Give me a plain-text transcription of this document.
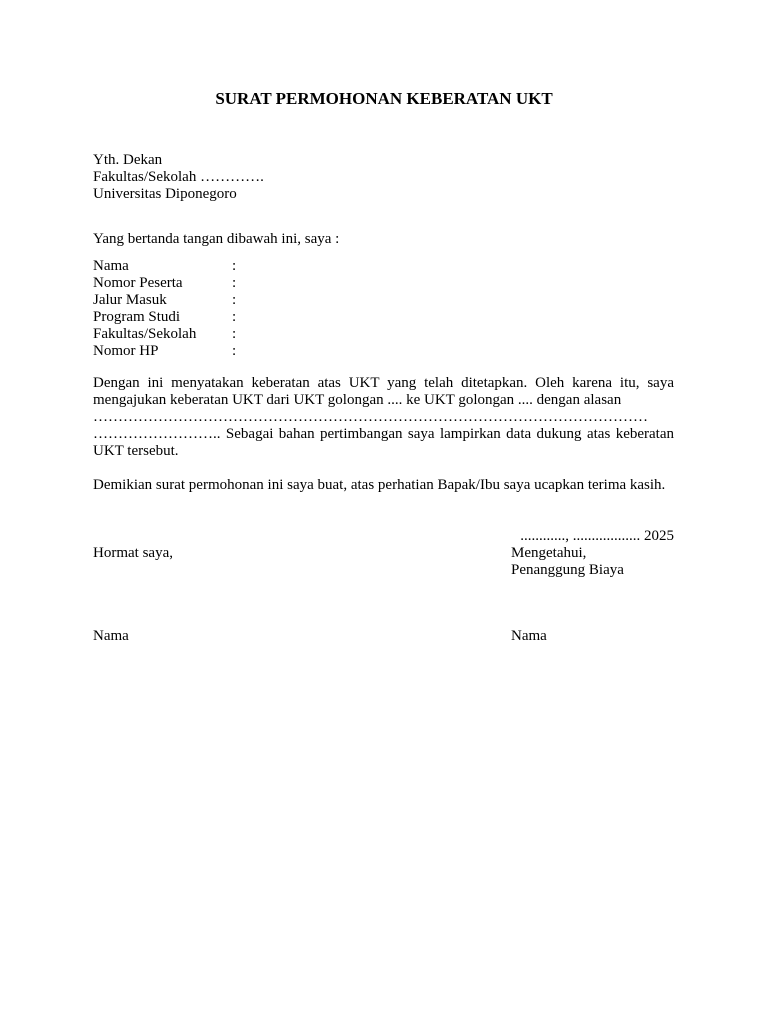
SURAT PERMOHONAN KEBERATAN UKT
Yth. Dekan
Fakultas/Sekolah ………….
Universitas Diponegoro
Yang bertanda tangan dibawah ini, saya :
Nama	:
Nomor Peserta	:
Jalur Masuk	:
Program Studi	:
Fakultas/Sekolah	:
Nomor HP	:
Dengan ini menyatakan keberatan atas UKT yang telah ditetapkan. Oleh karena itu, saya mengajukan keberatan UKT dari UKT golongan .... ke UKT golongan .... dengan alasan
…………………………………………………………………………………………………
…………………….. Sebagai bahan pertimbangan saya lampirkan data dukung atas keberatan UKT tersebut.
Demikian surat permohonan ini saya buat, atas perhatian Bapak/Ibu saya ucapkan terima kasih.
............, .................. 2025
Hormat saya,	Mengetahui,
Penanggung Biaya
Nama	Nama
